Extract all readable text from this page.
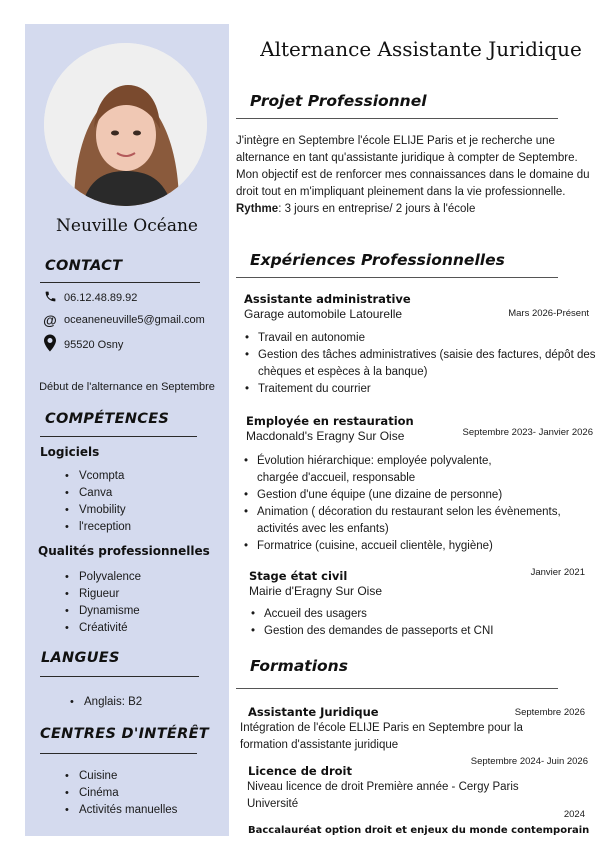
Neuville Océane
CONTACT
06.12.48.89.92
@ oceaneneuville5@gmail.com
95520 Osny
Début de l'alternance en Septembre
COMPÉTENCES
Logiciels
• Vcompta
• Canva
• Vmobility
• l'reception
Qualités professionnelles
• Polyvalence
• Rigueur
• Dynamisme
• Créativité
LANGUES
• Anglais: B2
CENTRES D'INTÉRÊT
• Cuisine
• Cinéma
• Activités manuelles
Alternance Assistante Juridique
Projet Professionnel
J'intègre en Septembre l'école ELIJE Paris et je recherche une alternance en tant qu'assistante juridique à compter de Septembre. Mon objectif est de renforcer mes connaissances dans le domaine du droit tout en m'impliquant pleinement dans la vie professionnelle.
Rythme: 3 jours en entreprise/ 2 jours à l'école
Expériences Professionnelles
Assistante administrative
Garage automobile Latourelle	Mars 2026-Présent
• Travail en autonomie
• Gestion des tâches administratives (saisie des factures, dépôt des chèques et espèces à la banque)
• Traitement du courrier
Employée en restauration
Macdonald's Eragny Sur Oise	Septembre 2023- Janvier 2026
• Évolution hiérarchique: employée polyvalente, chargée d'accueil, responsable
• Gestion d'une équipe (une dizaine de personne)
• Animation ( décoration du restaurant selon les évènements, activités avec les enfants)
• Formatrice (cuisine, accueil clientèle, hygiène)
Stage état civil
Mairie d'Eragny Sur Oise
Janvier 2021
• Accueil des usagers
• Gestion des demandes de passeports et CNI
Formations
Assistante Juridique	Septembre 2026
Intégration de l'école ELIJE Paris en Septembre pour la formation d'assistante juridique
Septembre 2024- Juin 2026
Licence de droit
Niveau licence de droit Première année - Cergy Paris Université
2024
Baccalauréat option droit et enjeux du monde contemporain
